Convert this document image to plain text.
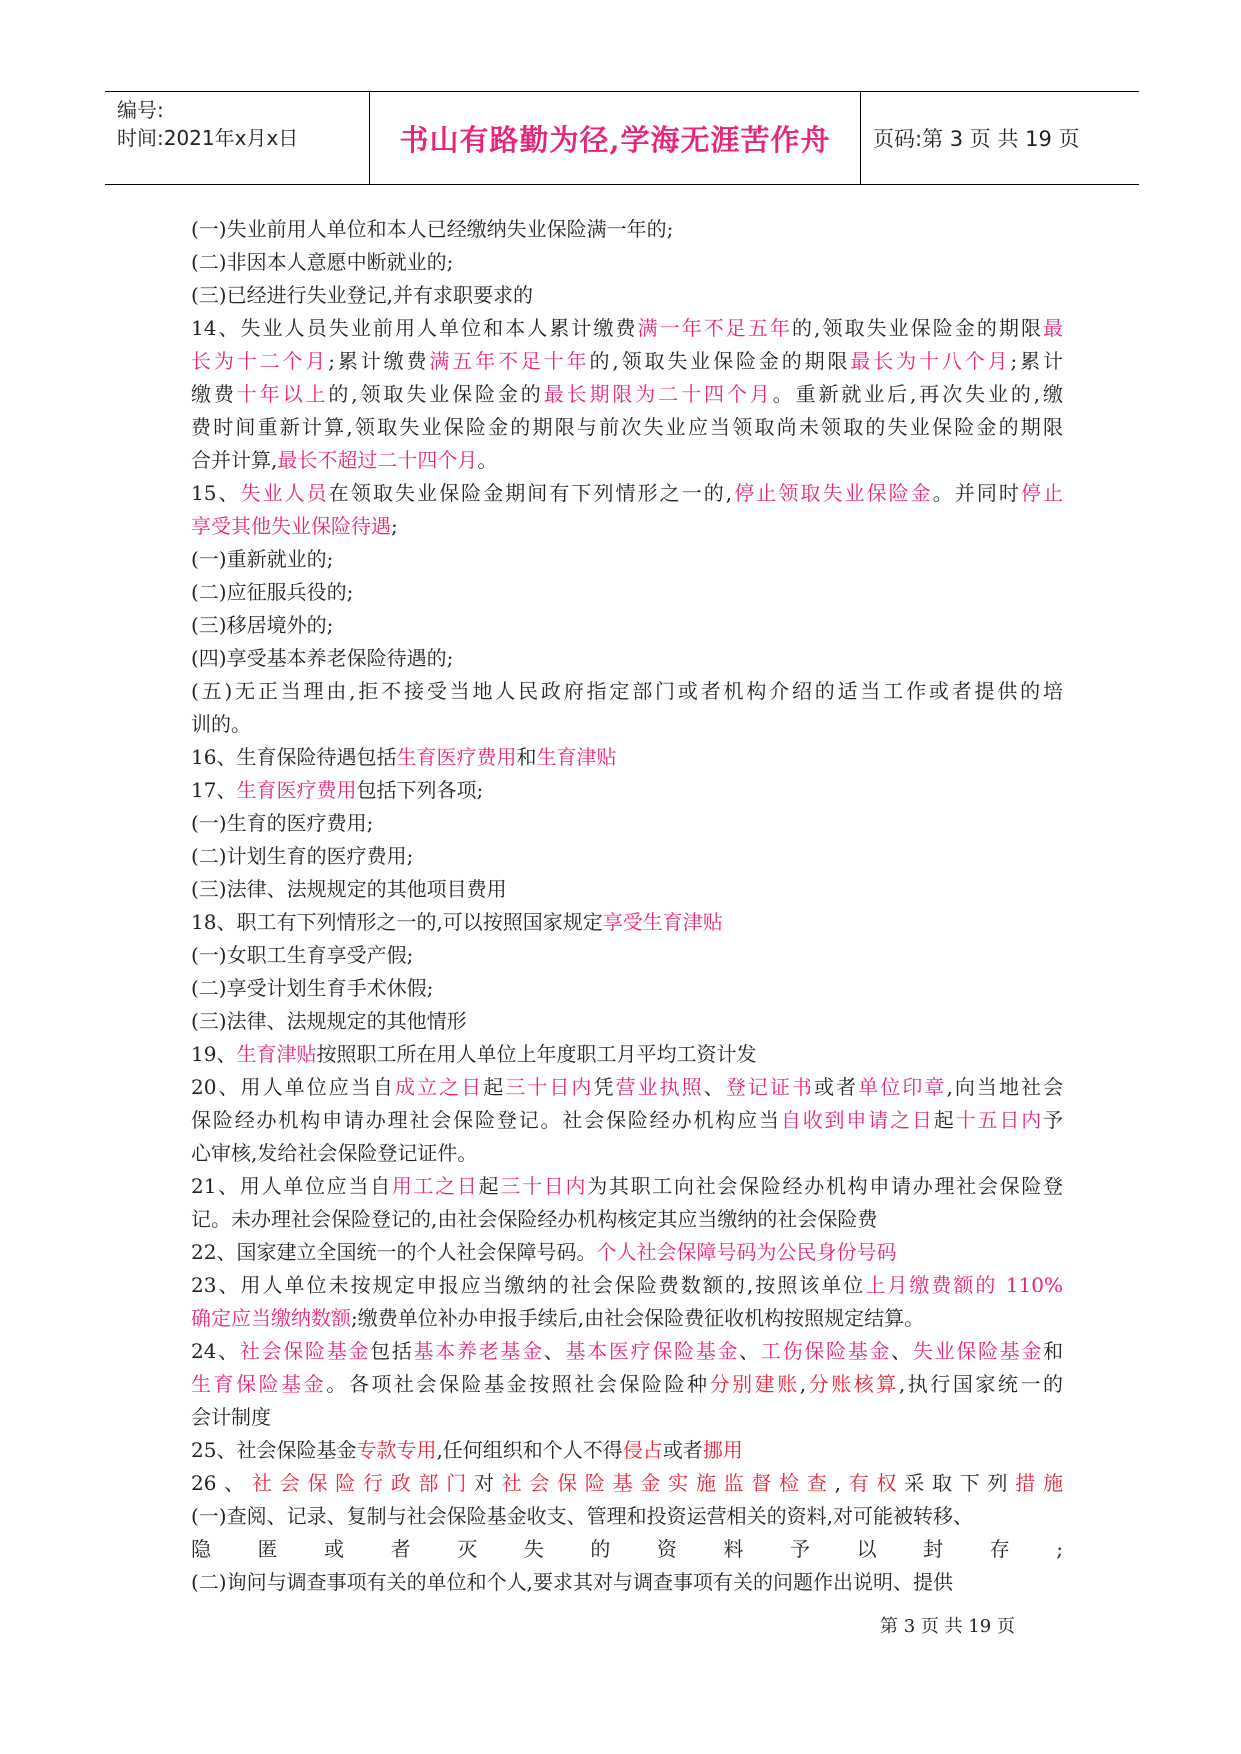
编号:
时间:2021年x月x日	书山有路勤为径,学海无涯苦作舟	页码:第 3 页 共 19 页
(一)失业前用人单位和本人已经缴纳失业保险满一年的;
(二)非因本人意愿中断就业的;
(三)已经进行失业登记,并有求职要求的
14、失业人员失业前用人单位和本人累计缴费满一年不足五年的,领取失业保险金的期限最
长为十二个月;累计缴费满五年不足十年的,领取失业保险金的期限最长为十八个月;累计
缴费十年以上的,领取失业保险金的最长期限为二十四个月。重新就业后,再次失业的,缴
费时间重新计算,领取失业保险金的期限与前次失业应当领取尚未领取的失业保险金的期限
合并计算,最长不超过二十四个月。
15、失业人员在领取失业保险金期间有下列情形之一的,停止领取失业保险金。并同时停止
享受其他失业保险待遇;
(一)重新就业的;
(二)应征服兵役的;
(三)移居境外的;
(四)享受基本养老保险待遇的;
(五)无正当理由,拒不接受当地人民政府指定部门或者机构介绍的适当工作或者提供的培
训的。
16、生育保险待遇包括生育医疗费用和生育津贴
17、生育医疗费用包括下列各项;
(一)生育的医疗费用;
(二)计划生育的医疗费用;
(三)法律、法规规定的其他项目费用
18、职工有下列情形之一的,可以按照国家规定享受生育津贴
(一)女职工生育享受产假;
(二)享受计划生育手术休假;
(三)法律、法规规定的其他情形
19、生育津贴按照职工所在用人单位上年度职工月平均工资计发
20、用人单位应当自成立之日起三十日内凭营业执照、登记证书或者单位印章,向当地社会
保险经办机构申请办理社会保险登记。社会保险经办机构应当自收到申请之日起十五日内予
心审核,发给社会保险登记证件。
21、用人单位应当自用工之日起三十日内为其职工向社会保险经办机构申请办理社会保险登
记。未办理社会保险登记的,由社会保险经办机构核定其应当缴纳的社会保险费
22、国家建立全国统一的个人社会保障号码。个人社会保障号码为公民身份号码
23、用人单位未按规定申报应当缴纳的社会保险费数额的,按照该单位上月缴费额的 110%
确定应当缴纳数额;缴费单位补办申报手续后,由社会保险费征收机构按照规定结算。
24、社会保险基金包括基本养老基金、基本医疗保险基金、工伤保险基金、失业保险基金和
生育保险基金。各项社会保险基金按照社会保险险种分别建账,分账核算,执行国家统一的
会计制度
25、社会保险基金专款专用,任何组织和个人不得侵占或者挪用
26、社会保险行政部门对社会保险基金实施监督检查,有权采取下列措施
(一)查阅、记录、复制与社会保险基金收支、管理和投资运营相关的资料,对可能被转移、
隐匿或者灭失的资料予以封存;
(二)询问与调查事项有关的单位和个人,要求其对与调查事项有关的问题作出说明、提供
第 3 页 共 19 页
